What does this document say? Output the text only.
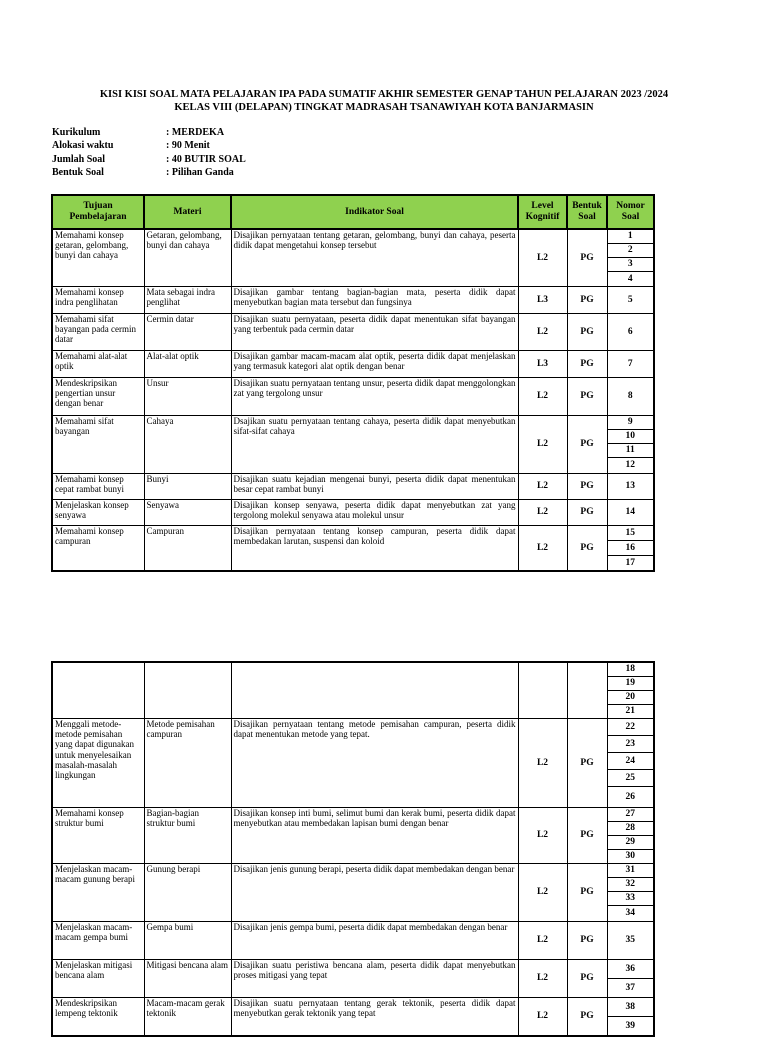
KISI KISI SOAL MATA PELAJARAN IPA PADA SUMATIF AKHIR SEMESTER GENAP TAHUN PELAJARAN 2023 /2024
KELAS VIII (DELAPAN) TINGKAT MADRASAH TSANAWIYAH KOTA BANJARMASIN
Kurikulum	: MERDEKA
Alokasi waktu	: 90 Menit
Jumlah Soal	: 40 BUTIR SOAL
Bentuk Soal	: Pilihan Ganda
Tujuan Pembelajaran	Materi	Indikator Soal	Level Kognitif	Bentuk Soal	Nomor Soal
Memahami konsep getaran, gelombang, bunyi dan cahaya	Getaran, gelombang, bunyi dan cahaya	Disajikan pernyataan tentang getaran, gelombang, bunyi dan cahaya, peserta didik dapat mengetahui konsep tersebut	L2	PG	1
2
3
4

Memahami konsep indra penglihatan	Mata sebagai indra penglihat	Disajikan gambar tentang bagian-bagian mata, peserta didik dapat menyebutkan bagian mata tersebut dan fungsinya	L3	PG	5

Memahami sifat bayangan pada cermin datar	Cermin datar	Disajikan suatu pernyataan, peserta didik dapat menentukan sifat bayangan yang terbentuk pada cermin datar	L2	PG	6

Memahami alat-alat optik	Alat-alat optik	Disajikan gambar macam-macam alat optik, peserta didik dapat menjelaskan yang termasuk kategori alat optik dengan benar	L3	PG	7

Mendeskripsikan pengertian unsur dengan benar	Unsur	Disajikan suatu pernyataan tentang unsur, peserta didik dapat menggolongkan zat yang tergolong unsur	L2	PG	8

Memahami sifat bayangan	Cahaya	Dsajikan suatu pernyataan tentang cahaya, peserta didik dapat menyebutkan sifat-sifat cahaya	L2	PG	9
10
11
12

Memahami konsep cepat rambat bunyi	Bunyi	Disajikan suatu kejadian mengenai bunyi, peserta didik dapat menentukan besar cepat rambat bunyi	L2	PG	13

Menjelaskan konsep senyawa	Senyawa	Disajikan konsep senyawa, peserta didik dapat menyebutkan zat yang tergolong molekul senyawa atau molekul unsur	L2	PG	14

Memahami konsep campuran	Campuran	Disajikan pernyataan tentang konsep campuran, peserta didik dapat membedakan larutan, suspensi dan koloid	L2	PG	15
16
17

					18
19
20
21

Menggali metode-metode pemisahan yang dapat digunakan untuk menyelesaikan masalah-masalah lingkungan	Metode pemisahan campuran	Disajikan pernyataan tentang metode pemisahan campuran, peserta didik dapat menentukan metode yang tepat.	L2	PG	22
23
24
25
26

Memahami konsep struktur bumi	Bagian-bagian struktur bumi	Disajikan konsep inti bumi, selimut bumi dan kerak bumi, peserta didik dapat menyebutkan atau membedakan lapisan bumi dengan benar	L2	PG	27
28
29
30

Menjelaskan macam-macam gunung berapi	Gunung berapi	Disajikan jenis gunung berapi, peserta didik dapat membedakan dengan benar	L2	PG	31
32
33
34

Menjelaskan macam-macam gempa bumi	Gempa bumi	Disajikan jenis gempa bumi, peserta didik dapat membedakan dengan benar	L2	PG	35

Menjelaskan mitigasi bencana alam	Mitigasi bencana alam	Disajikan suatu peristiwa bencana alam, peserta didik dapat menyebutkan proses mitigasi yang tepat	L2	PG	36
37

Mendeskripsikan lempeng tektonik	Macam-macam gerak tektonik	Disajikan suatu pernyataan tentang gerak tektonik, peserta didik dapat menyebutkan gerak tektonik yang tepat	L2	PG	38
39
